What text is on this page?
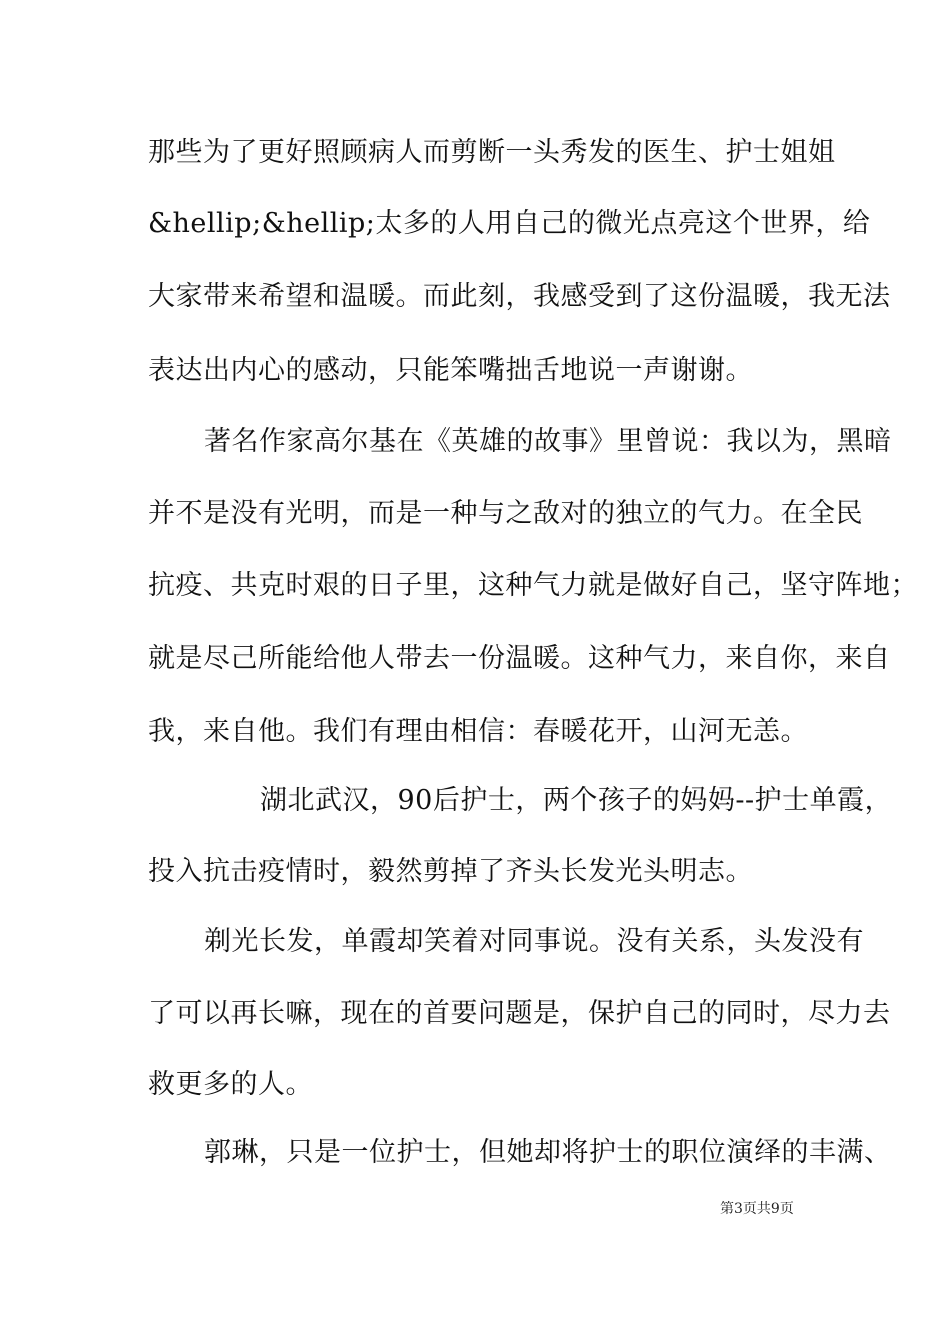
那些为了更好照顾病人而剪断一头秀发的医生、护士姐姐
&hellip;&hellip;太多的人用自己的微光点亮这个世界，给
大家带来希望和温暖。而此刻，我感受到了这份温暖，我无法
表达出内心的感动，只能笨嘴拙舌地说一声谢谢。
著名作家高尔基在《英雄的故事》里曾说：我以为，黑暗
并不是没有光明，而是一种与之敌对的独立的气力。在全民
抗疫、共克时艰的日子里，这种气力就是做好自己，坚守阵地；
就是尽己所能给他人带去一份温暖。这种气力，来自你，来自
我，来自他。我们有理由相信：春暖花开，山河无恙。
湖北武汉，90后护士，两个孩子的妈妈--护士单霞，
投入抗击疫情时，毅然剪掉了齐头长发光头明志。
剃光长发，单霞却笑着对同事说。没有关系，头发没有
了可以再长嘛，现在的首要问题是，保护自己的同时，尽力去
救更多的人。
郭琳，只是一位护士，但她却将护士的职位演绎的丰满、
第3页共9页
